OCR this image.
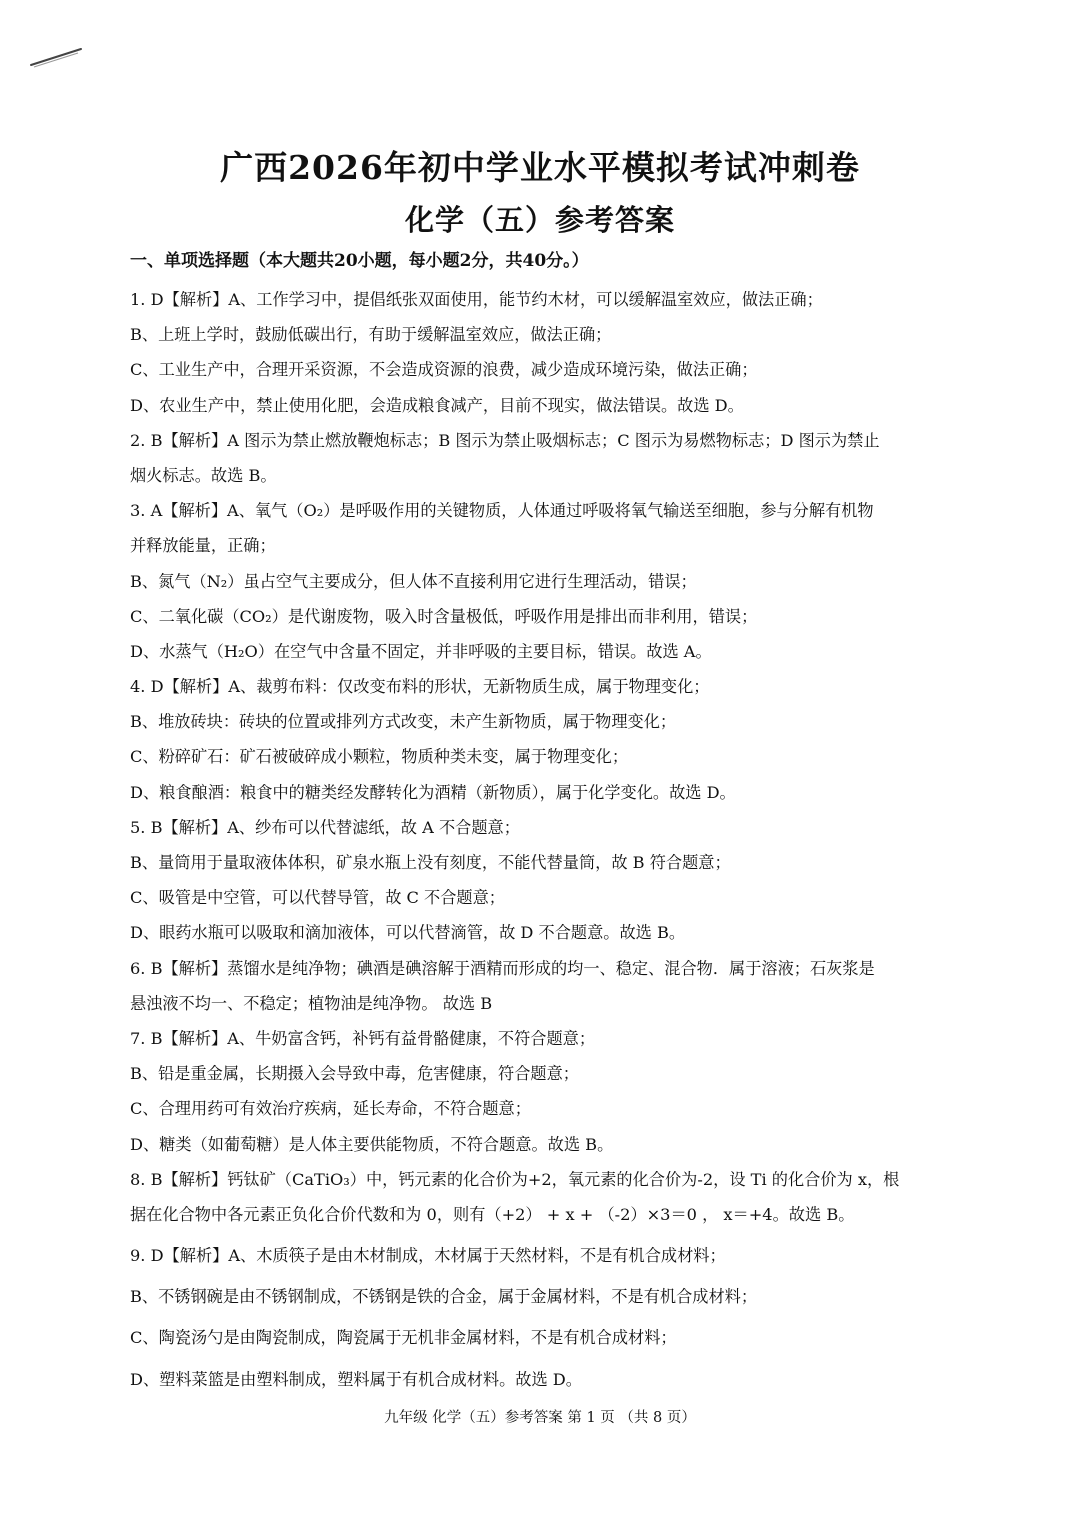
广西2026年初中学业水平模拟考试冲刺卷
化学（五）参考答案
一、单项选择题（本大题共20小题，每小题2分，共40分。）
1. D【解析】A、工作学习中，提倡纸张双面使用，能节约木材，可以缓解温室效应，做法正确；
B、上班上学时，鼓励低碳出行，有助于缓解温室效应，做法正确；
C、工业生产中，合理开采资源，不会造成资源的浪费，减少造成环境污染，做法正确；
D、农业生产中，禁止使用化肥，会造成粮食减产，目前不现实，做法错误。故选 D。
2. B【解析】A 图示为禁止燃放鞭炮标志；B 图示为禁止吸烟标志；C 图示为易燃物标志；D 图示为禁止
烟火标志。故选 B。
3. A【解析】A、氧气（O₂）是呼吸作用的关键物质，人体通过呼吸将氧气输送至细胞，参与分解有机物
并释放能量，正确；
B、氮气（N₂）虽占空气主要成分，但人体不直接利用它进行生理活动，错误；
C、二氧化碳（CO₂）是代谢废物，吸入时含量极低，呼吸作用是排出而非利用，错误；
D、水蒸气（H₂O）在空气中含量不固定，并非呼吸的主要目标，错误。故选 A。
4. D【解析】A、裁剪布料：仅改变布料的形状，无新物质生成，属于物理变化；
B、堆放砖块：砖块的位置或排列方式改变，未产生新物质，属于物理变化；
C、粉碎矿石：矿石被破碎成小颗粒，物质种类未变，属于物理变化；
D、粮食酿酒：粮食中的糖类经发酵转化为酒精（新物质），属于化学变化。故选 D。
5. B【解析】A、纱布可以代替滤纸，故 A 不合题意；
B、量筒用于量取液体体积，矿泉水瓶上没有刻度，不能代替量筒，故 B 符合题意；
C、吸管是中空管，可以代替导管，故 C 不合题意；
D、眼药水瓶可以吸取和滴加液体，可以代替滴管，故 D 不合题意。故选 B。
6. B【解析】蒸馏水是纯净物；碘酒是碘溶解于酒精而形成的均一、稳定、混合物．属于溶液；石灰浆是
悬浊液不均一、不稳定；植物油是纯净物。 故选 B
7. B【解析】A、牛奶富含钙，补钙有益骨骼健康，不符合题意；
B、铅是重金属，长期摄入会导致中毒，危害健康，符合题意；
C、合理用药可有效治疗疾病，延长寿命，不符合题意；
D、糖类（如葡萄糖）是人体主要供能物质，不符合题意。故选 B。
8. B【解析】钙钛矿（CaTiO₃）中，钙元素的化合价为+2，氧元素的化合价为-2，设 Ti 的化合价为 x，根
据在化合物中各元素正负化合价代数和为 0，则有（+2） + x + （-2）×3＝0 ， x＝+4。故选 B。
9. D【解析】A、木质筷子是由木材制成，木材属于天然材料，不是有机合成材料；
B、不锈钢碗是由不锈钢制成，不锈钢是铁的合金，属于金属材料，不是有机合成材料；
C、陶瓷汤勺是由陶瓷制成，陶瓷属于无机非金属材料，不是有机合成材料；
D、塑料菜篮是由塑料制成，塑料属于有机合成材料。故选 D。
九年级 化学（五）参考答案 第 1 页 （共 8 页）
